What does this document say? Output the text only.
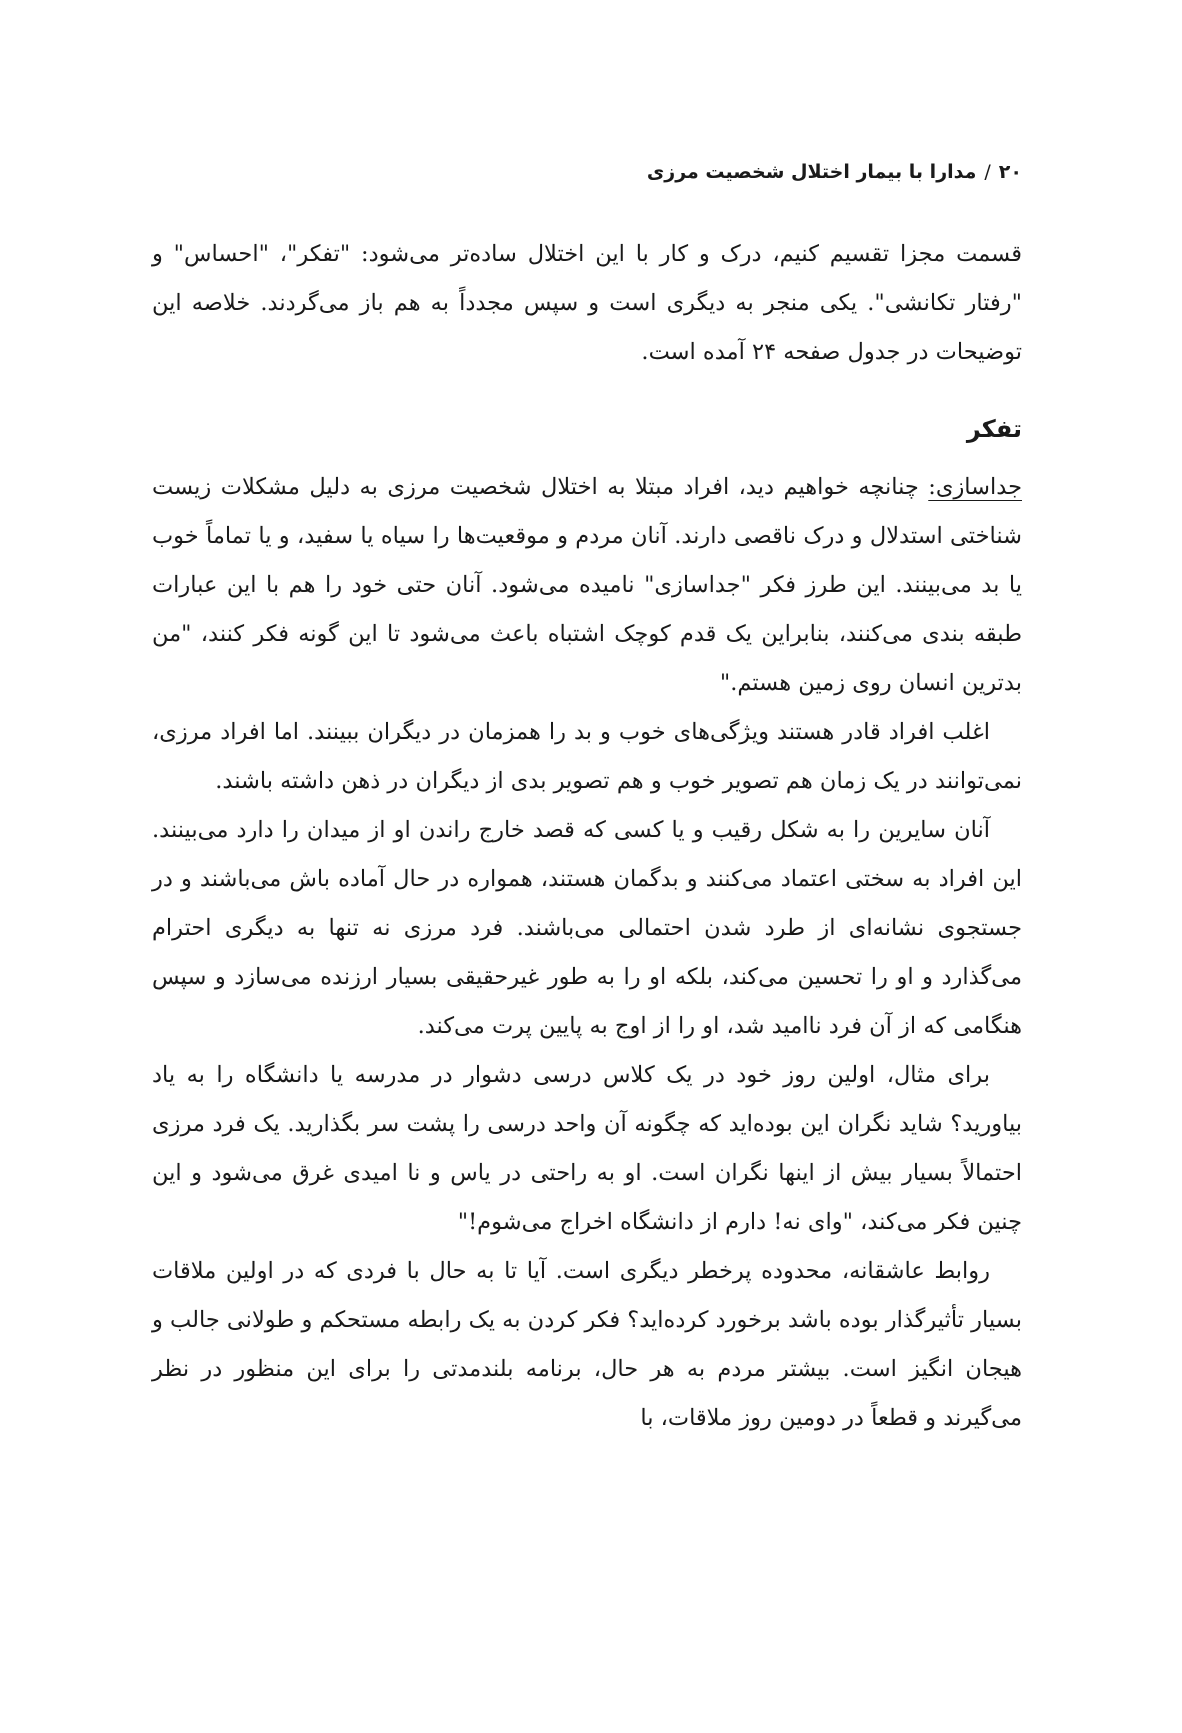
۲۰/مدارا با بیمار اختلال شخصیت مرزی

قسمت مجزا تقسیم کنیم، درک و کار با این اختلال ساده‌تر می‌شود: "تفکر"، "احساس" و "رفتار تکانشی". یکی منجر به دیگری است و سپس مجدداً به هم باز می‌گردند. خلاصه این توضیحات در جدول صفحه ۲۴ آمده است.

تفکر

جداسازی: چنانچه خواهیم دید، افراد مبتلا به اختلال شخصیت مرزی به دلیل مشکلات زیست شناختی استدلال و درک ناقصی دارند. آنان مردم و موقعیت‌ها را سیاه یا سفید، و یا تماماً خوب یا بد می‌بینند. این طرز فکر "جداسازی" نامیده می‌شود. آنان حتی خود را هم با این عبارات طبقه بندی می‌کنند، بنابراین یک قدم کوچک اشتباه باعث می‌شود تا این گونه فکر کنند، "من بدترین انسان روی زمین هستم."

اغلب افراد قادر هستند ویژگی‌های خوب و بد را همزمان در دیگران ببینند. اما افراد مرزی، نمی‌توانند در یک زمان هم تصویر خوب و هم تصویر بدی از دیگران در ذهن داشته باشند.

آنان سایرین را به شکل رقیب و یا کسی که قصد خارج راندن او از میدان را دارد می‌بینند. این افراد به سختی اعتماد می‌کنند و بدگمان هستند، همواره در حال آماده باش می‌باشند و در جستجوی نشانه‌ای از طرد شدن احتمالی می‌باشند. فرد مرزی نه تنها به دیگری احترام می‌گذارد و او را تحسین می‌کند، بلکه او را به طور غیرحقیقی بسیار ارزنده می‌سازد و سپس هنگامی که از آن فرد ناامید شد، او را از اوج به پایین پرت می‌کند.

برای مثال، اولین روز خود در یک کلاس درسی دشوار در مدرسه یا دانشگاه را به یاد بیاورید؟ شاید نگران این بوده‌اید که چگونه آن واحد درسی را پشت سر بگذارید. یک فرد مرزی احتمالاً بسیار بیش از اینها نگران است. او به راحتی در یاس و نا امیدی غرق می‌شود و این چنین فکر می‌کند، "وای نه! دارم از دانشگاه اخراج می‌شوم!"

روابط عاشقانه، محدوده پرخطر دیگری است. آیا تا به حال با فردی که در اولین ملاقات بسیار تأثیرگذار بوده باشد برخورد کرده‌اید؟ فکر کردن به یک رابطه مستحکم و طولانی جالب و هیجان انگیز است. بیشتر مردم به هر حال، برنامه بلندمدتی را برای این منظور در نظر می‌گیرند و قطعاً در دومین روز ملاقات، با
